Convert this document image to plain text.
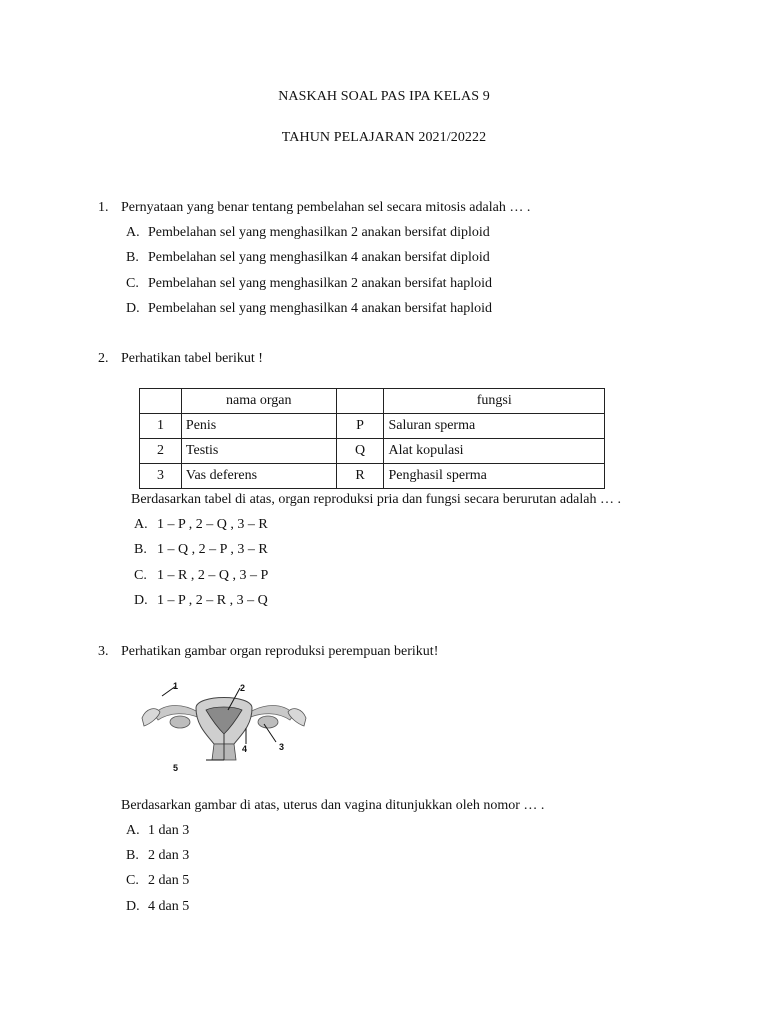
NASKAH SOAL PAS IPA KELAS 9
TAHUN PELAJARAN 2021/20222
1. Pernyataan yang benar tentang pembelahan sel secara mitosis adalah … .
A. Pembelahan sel yang menghasilkan 2 anakan bersifat diploid
B. Pembelahan sel yang menghasilkan 4 anakan bersifat diploid
C. Pembelahan sel yang menghasilkan 2 anakan bersifat haploid
D. Pembelahan sel yang menghasilkan 4 anakan bersifat haploid
2. Perhatikan tabel berikut !
	nama organ		fungsi
1	Penis	P	Saluran sperma
2	Testis	Q	Alat kopulasi
3	Vas deferens	R	Penghasil sperma
Berdasarkan tabel di atas, organ reproduksi pria dan fungsi secara berurutan adalah … .
A. 1 – P , 2 – Q , 3 – R
B. 1 – Q , 2 – P , 3 – R
C. 1 – R , 2 – Q , 3 – P
D. 1 – P , 2 – R , 3 – Q
3. Perhatikan gambar organ reproduksi perempuan berikut!
1	2
3
4
5
Berdasarkan gambar di atas, uterus dan vagina ditunjukkan oleh nomor … .
A. 1 dan 3
B. 2 dan 3
C. 2 dan 5
D. 4 dan 5
